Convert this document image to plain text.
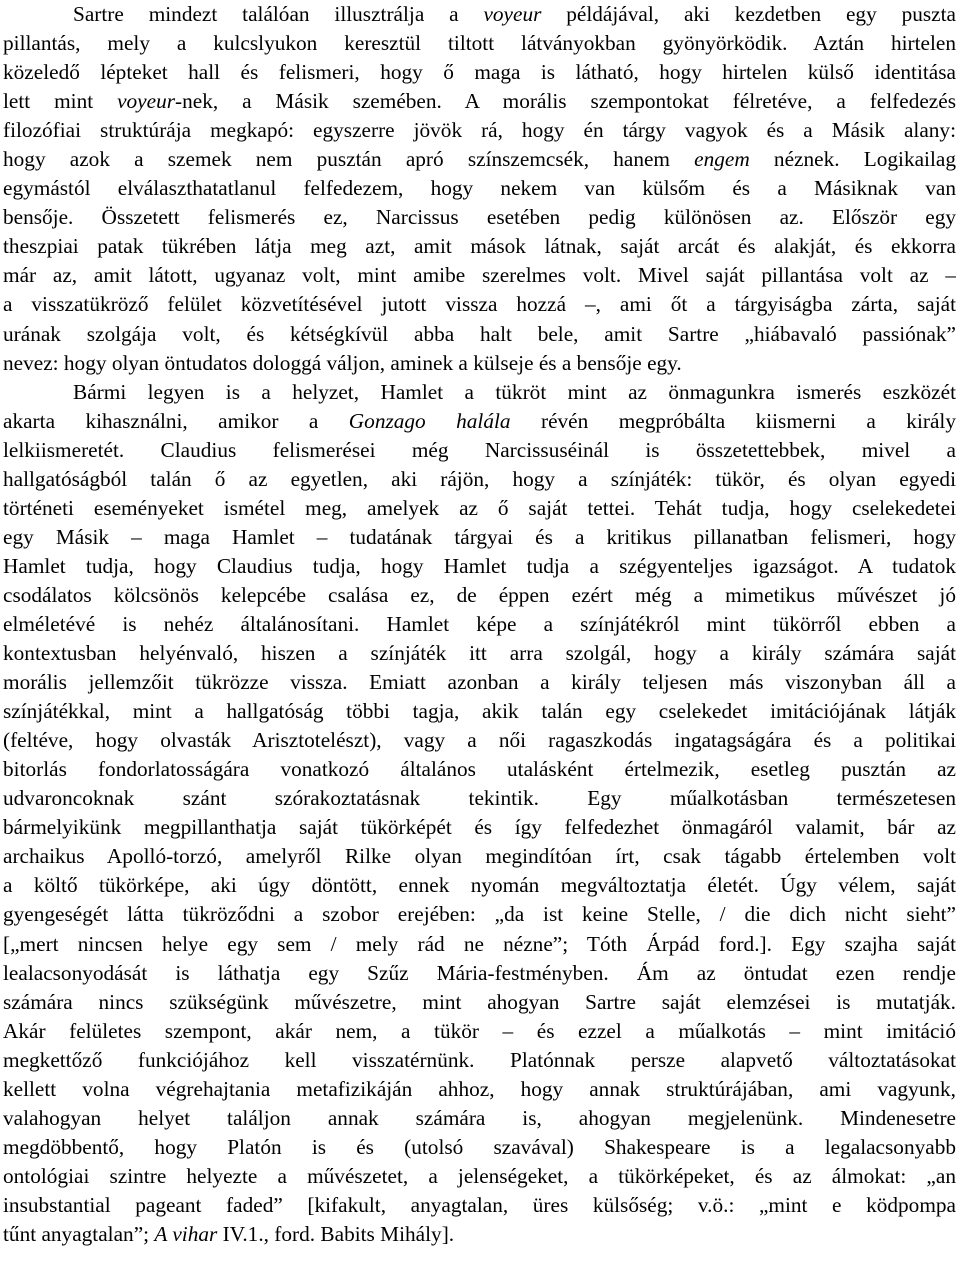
Sartre mindezt találóan illusztrálja a voyeur példájával, aki kezdetben egy puszta
pillantás, mely a kulcslyukon keresztül tiltott látványokban gyönyörködik. Aztán hirtelen
közeledő lépteket hall és felismeri, hogy ő maga is látható, hogy hirtelen külső identitása
lett mint voyeur-nek, a Másik szemében. A morális szempontokat félretéve, a felfedezés
filozófiai struktúrája megkapó: egyszerre jövök rá, hogy én tárgy vagyok és a Másik alany:
hogy azok a szemek nem pusztán apró színszemcsék, hanem engem néznek. Logikailag
egymástól elválaszthatatlanul felfedezem, hogy nekem van külsőm és a Másiknak van
bensője. Összetett felismerés ez, Narcissus esetében pedig különösen az. Először egy
theszpiai patak tükrében látja meg azt, amit mások látnak, saját arcát és alakját, és ekkorra
már az, amit látott, ugyanaz volt, mint amibe szerelmes volt. Mivel saját pillantása volt az –
a visszatükröző felület közvetítésével jutott vissza hozzá –, ami őt a tárgyiságba zárta, saját
urának szolgája volt, és kétségkívül abba halt bele, amit Sartre „hiábavaló passiónak”
nevez: hogy olyan öntudatos dologgá váljon, aminek a külseje és a bensője egy.
Bármi legyen is a helyzet, Hamlet a tükröt mint az önmagunkra ismerés eszközét
akarta kihasználni, amikor a Gonzago halála révén megpróbálta kiismerni a király
lelkiismeretét. Claudius felismerései még Narcissuséinál is összetettebbek, mivel a
hallgatóságból talán ő az egyetlen, aki rájön, hogy a színjáték: tükör, és olyan egyedi
történeti eseményeket ismétel meg, amelyek az ő saját tettei. Tehát tudja, hogy cselekedetei
egy Másik – maga Hamlet – tudatának tárgyai és a kritikus pillanatban felismeri, hogy
Hamlet tudja, hogy Claudius tudja, hogy Hamlet tudja a szégyenteljes igazságot. A tudatok
csodálatos kölcsönös kelepcébe csalása ez, de éppen ezért még a mimetikus művészet jó
elméletévé is nehéz általánosítani. Hamlet képe a színjátékról mint tükörről ebben a
kontextusban helyénvaló, hiszen a színjáték itt arra szolgál, hogy a király számára saját
morális jellemzőit tükrözze vissza. Emiatt azonban a király teljesen más viszonyban áll a
színjátékkal, mint a hallgatóság többi tagja, akik talán egy cselekedet imitációjának látják
(feltéve, hogy olvasták Arisztotelészt), vagy a női ragaszkodás ingatagságára és a politikai
bitorlás fondorlatosságára vonatkozó általános utalásként értelmezik, esetleg pusztán az
udvaroncoknak szánt szórakoztatásnak tekintik. Egy műalkotásban természetesen
bármelyikünk megpillanthatja saját tükörképét és így felfedezhet önmagáról valamit, bár az
archaikus Apolló-torzó, amelyről Rilke olyan megindítóan írt, csak tágabb értelemben volt
a költő tükörképe, aki úgy döntött, ennek nyomán megváltoztatja életét. Úgy vélem, saját
gyengeségét látta tükröződni a szobor erejében: „da ist keine Stelle, / die dich nicht sieht”
[„mert nincsen helye egy sem / mely rád ne nézne”; Tóth Árpád ford.]. Egy szajha saját
lealacsonyodását is láthatja egy Szűz Mária-festményben. Ám az öntudat ezen rendje
számára nincs szükségünk művészetre, mint ahogyan Sartre saját elemzései is mutatják.
Akár felületes szempont, akár nem, a tükör – és ezzel a műalkotás – mint imitáció
megkettőző funkciójához kell visszatérnünk. Platónnak persze alapvető változtatásokat
kellett volna végrehajtania metafizikáján ahhoz, hogy annak struktúrájában, ami vagyunk,
valahogyan helyet találjon annak számára is, ahogyan megjelenünk. Mindenesetre
megdöbbentő, hogy Platón is és (utolsó szavával) Shakespeare is a legalacsonyabb
ontológiai szintre helyezte a művészetet, a jelenségeket, a tükörképeket, és az álmokat: „an
insubstantial pageant faded” [kifakult, anyagtalan, üres külsőség; v.ö.: „mint e ködpompa
tűnt anyagtalan”; A vihar IV.1., ford. Babits Mihály].
